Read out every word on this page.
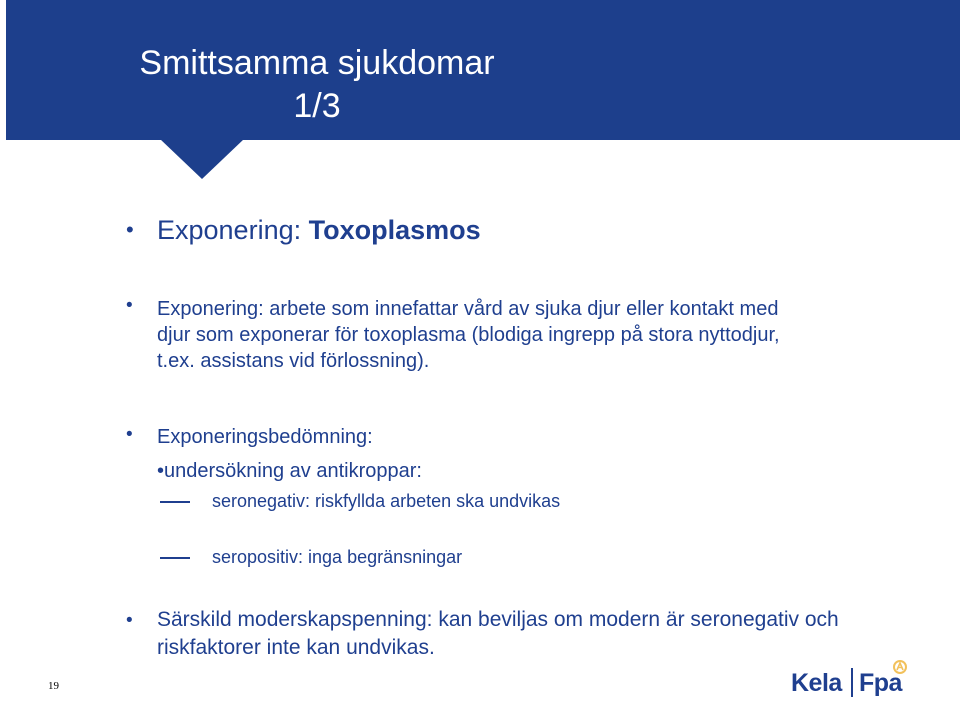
Smittsamma sjukdomar
1/3
• Exponering: Toxoplasmos
• Exponering: arbete som innefattar vård av sjuka djur eller kontakt med
djur som exponerar för toxoplasma (blodiga ingrepp på stora nyttodjur,
t.ex. assistans vid förlossning).
• Exponeringsbedömning:
•undersökning av antikroppar:
seronegativ: riskfyllda arbeten ska undvikas
seropositiv: inga begränsningar
• Särskild moderskapspenning: kan beviljas om modern är seronegativ och
riskfaktorer inte kan undvikas.
19	Kela Fpa
